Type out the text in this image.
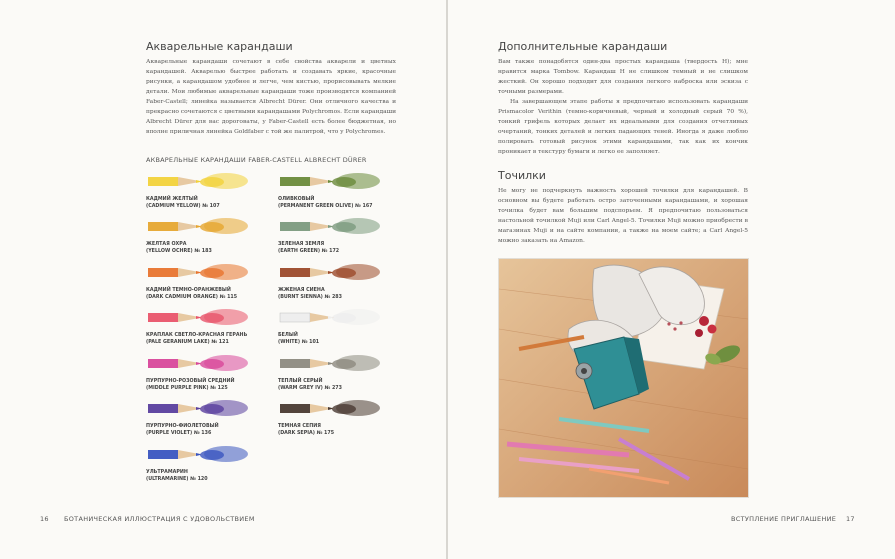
Акварельные карандаши

Акварельные карандаши сочетают в себе свойства акварели и цветных карандашей. Акварелью быстрее работать и создавать яркие, красочные рисунки, а карандашом удобнее и легче, чем кистью, прорисовывать мелкие детали. Мои любимые акварельные карандаши тоже производятся компанией Faber-Castell; линейка называется Albrecht Dürer. Они отличного качества и прекрасно сочетаются с цветными карандашами Polychromos. Если карандаши Albrecht Dürer для вас дороговаты, у Faber-Castell есть более бюджетная, но вполне приличная линейка Goldfaber с той же палитрой, что у Polychromes.

АКВАРЕЛЬНЫЕ КАРАНДАШИ FABER-CASTELL ALBRECHT DÜRER
КАДМИЙ ЖЕЛТЫЙ
(CADMIUM YELLOW) № 107
ОЛИВКОВЫЙ
(PERMANENT GREEN OLIVE) № 167
ЖЕЛТАЯ ОХРА
(YELLOW OCHRE) № 183
ЗЕЛЕНАЯ ЗЕМЛЯ
(EARTH GREEN) № 172
КАДМИЙ ТЕМНО-ОРАНЖЕВЫЙ
(DARK CADMIUM ORANGE) № 115
ЖЖЕНАЯ СИЕНА
(BURNT SIENNA) № 283
КРАПЛАК СВЕТЛО-КРАСНАЯ ГЕРАНЬ
(PALE GERANIUM LAKE) № 121
БЕЛЫЙ
(WHITE) № 101
ПУРПУРНО-РОЗОВЫЙ СРЕДНИЙ
(MIDDLE PURPLE PINK) № 125
ТЕПЛЫЙ СЕРЫЙ
(WARM GREY IV) № 273
ПУРПУРНО-ФИОЛЕТОВЫЙ
(PURPLE VIOLET) № 136
ТЕМНАЯ СЕПИЯ
(DARK SEPIA) № 175
УЛЬТРАМАРИН
(ULTRAMARINE) № 120
16 БОТАНИЧЕСКАЯ ИЛЛЮСТРАЦИЯ С УДОВОЛЬСТВИЕМ
Дополнительные карандаши

Вам также понадобятся один-два простых карандаша (твердость H); мне нравится марка Tombow. Карандаш H не слишком темный и не слишком жесткий. Он хорошо подходит для создания легкого наброска или эскиза с точными размерами.

На завершающем этапе работы я предпочитаю использовать карандаши Prismacolor Verithin (темно-коричневый, черный и холодный серый 70 %), тонкий грифель которых делает их идеальными для создания отчетливых очертаний, тонких деталей и легких падающих теней. Иногда я даже люблю полировать готовый рисунок этими карандашами, так как их кончик проникает в текстуру бумаги и легко ее заполняет.

Точилки

Не могу не подчеркнуть важность хорошей точилки для карандашей. В основном вы будете работать остро заточенными карандашами, и хорошая точилка будет вам большим подспорьем. Я предпочитаю пользоваться настольной точилкой Muji или Carl Angel-5. Точилки Muji можно приобрести в магазинах Muji и на сайте компании, а также на моем сайте; а Carl Angel-5 можно заказать на Amazon.

ВСТУПЛЕНИЕ ПРИГЛАШЕНИЕ 17
